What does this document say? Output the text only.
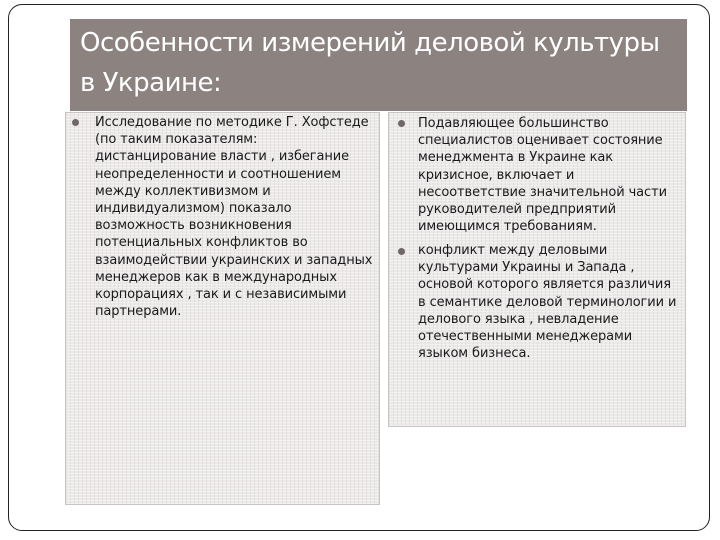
Особенности измерений деловой культуры в Украине:

Исследование по методике Г. Хофстеде (по таким показателям: дистанцирование власти , избегание неопределенности и соотношением между коллективизмом и индивидуализмом) показало возможность возникновения потенциальных конфликтов во взаимодействии украинских и западных менеджеров как в международных корпорациях , так и с независимыми партнерами.

Подавляющее большинство специалистов оценивает состояние менеджмента в Украине как кризисное, включает и несоответствие значительной части руководителей предприятий имеющимся требованиям.

конфликт между деловыми культурами Украины и Запада , основой которого является различия в семантике деловой терминологии и делового языка , невладение отечественными менеджерами языком бизнеса.
